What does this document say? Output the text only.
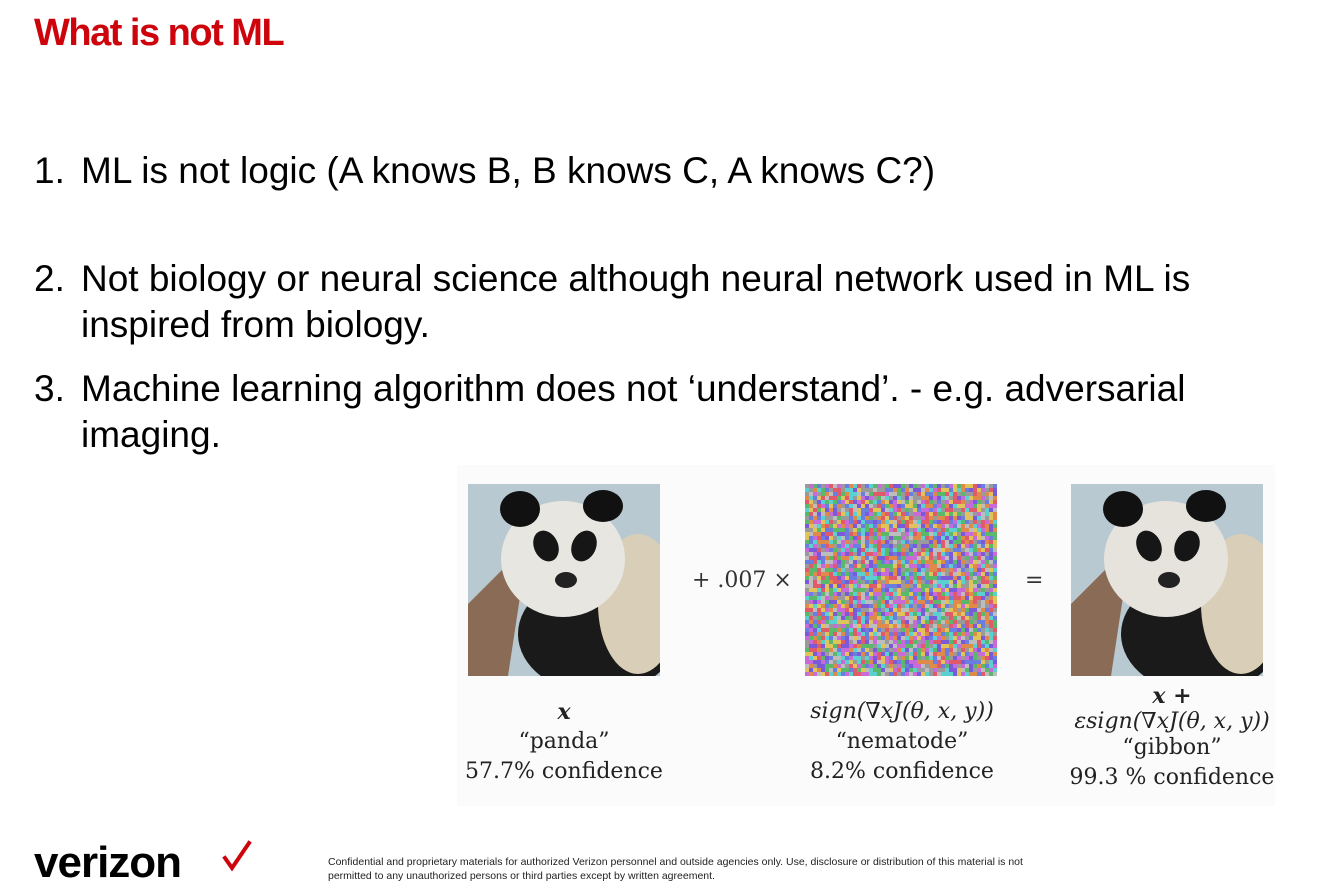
What is not ML
1. ML is not logic (A knows B, B knows C, A knows C?)
2. Not biology or neural science although neural network used in ML is inspired from biology.
3. Machine learning algorithm does not ‘understand’. - e.g. adversarial imaging.
+ .007 ×	=
x
“panda”
57.7% confidence
sign(∇xJ(θ, x, y))
“nematode”
8.2% confidence
x +
εsign(∇xJ(θ, x, y))
“gibbon”
99.3 % confidence
verizon	Confidential and proprietary materials for authorized Verizon personnel and outside agencies only. Use, disclosure or distribution of this material is not permitted to any unauthorized persons or third parties except by written agreement.
